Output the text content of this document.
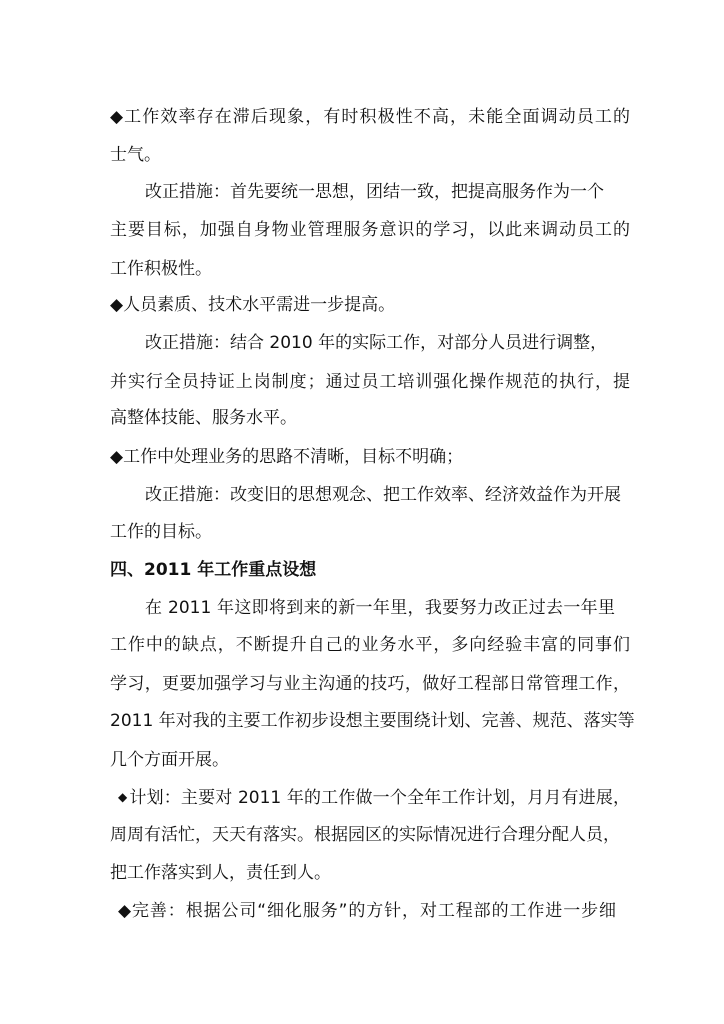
◆工作效率存在滞后现象，有时积极性不高，未能全面调动员工的
士气。
改正措施：首先要统一思想，团结一致，把提高服务作为一个
主要目标，加强自身物业管理服务意识的学习，以此来调动员工的
工作积极性。
◆人员素质、技术水平需进一步提高。
改正措施：结合 2010 年的实际工作，对部分人员进行调整，
并实行全员持证上岗制度；通过员工培训强化操作规范的执行，提
高整体技能、服务水平。
◆工作中处理业务的思路不清晰，目标不明确；
改正措施：改变旧的思想观念、把工作效率、经济效益作为开展
工作的目标。
四、2011 年工作重点设想
在 2011 年这即将到来的新一年里，我要努力改正过去一年里
工作中的缺点，不断提升自己的业务水平，多向经验丰富的同事们
学习，更要加强学习与业主沟通的技巧，做好工程部日常管理工作，
2011 年对我的主要工作初步设想主要围绕计划、完善、规范、落实等
几个方面开展。
◆ 计划：主要对 2011 年的工作做一个全年工作计划，月月有进展，
周周有活忙，天天有落实。根据园区的实际情况进行合理分配人员，
把工作落实到人，责任到人。
◆完善：根据公司“细化服务”的方针，对工程部的工作进一步细
